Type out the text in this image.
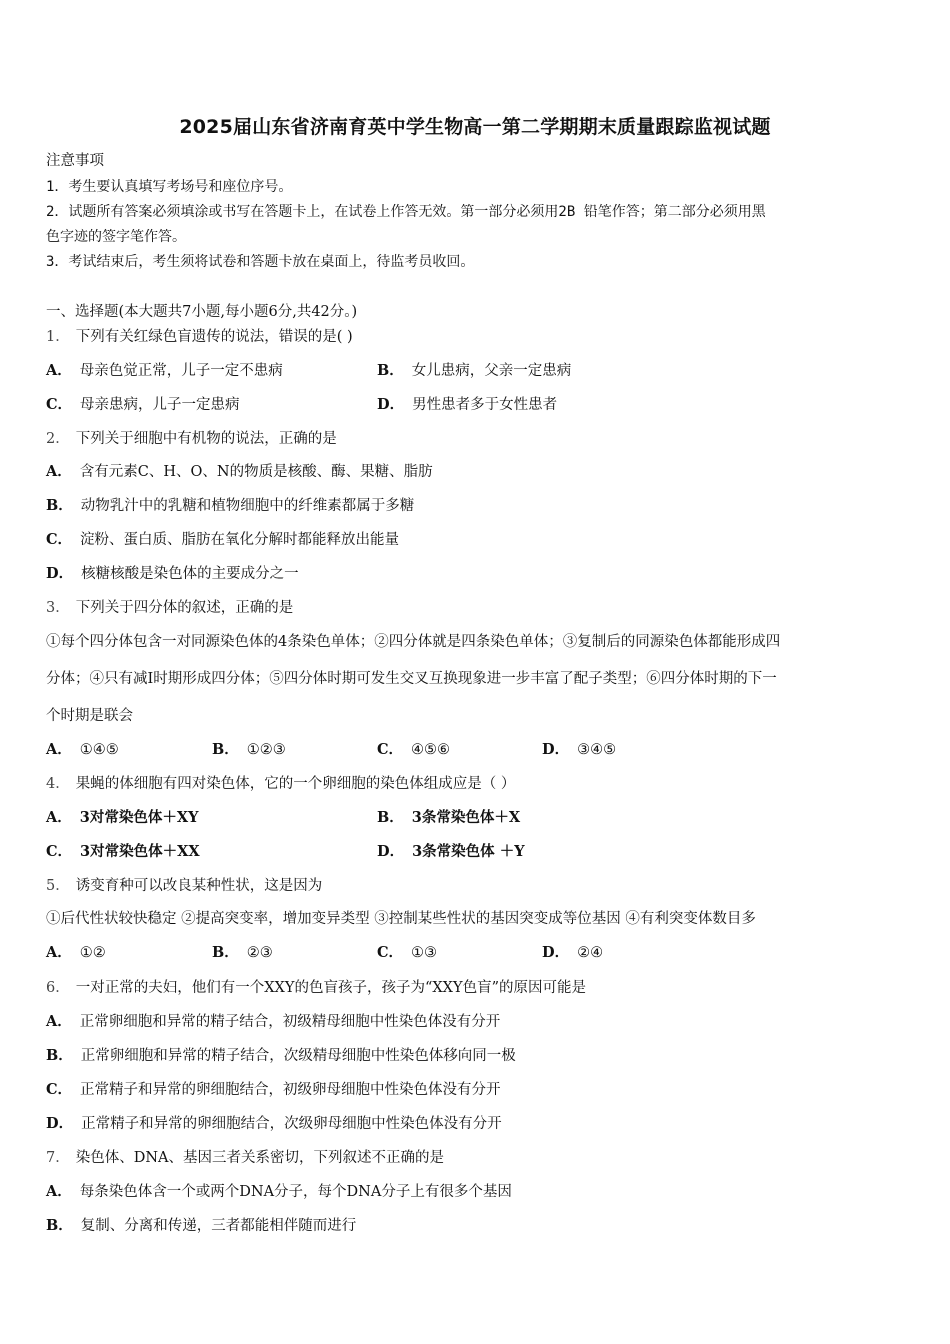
2025届山东省济南育英中学生物高一第二学期期末质量跟踪监视试题
注意事项
1．考生要认真填写考场号和座位序号。
2．试题所有答案必须填涂或书写在答题卡上，在试卷上作答无效。第一部分必须用2B 铅笔作答；第二部分必须用黑
色字迹的签字笔作答。
3．考试结束后，考生须将试卷和答题卡放在桌面上，待监考员收回。
一、选择题(本大题共7小题,每小题6分,共42分。)
1． 下列有关红绿色盲遗传的说法，错误的是( )
A． 母亲色觉正常，儿子一定不患病	B． 女儿患病，父亲一定患病
C． 母亲患病，儿子一定患病	D． 男性患者多于女性患者
2． 下列关于细胞中有机物的说法，正确的是
A． 含有元素C、H、O、N的物质是核酸、酶、果糖、脂肪
B． 动物乳汁中的乳糖和植物细胞中的纤维素都属于多糖
C． 淀粉、蛋白质、脂肪在氧化分解时都能释放出能量
D． 核糖核酸是染色体的主要成分之一
3． 下列关于四分体的叙述，正确的是
①每个四分体包含一对同源染色体的4条染色单体；②四分体就是四条染色单体；③复制后的同源染色体都能形成四
分体；④只有减Ⅰ时期形成四分体；⑤四分体时期可发生交叉互换现象进一步丰富了配子类型；⑥四分体时期的下一
个时期是联会
A． ①④⑤	B． ①②③	C． ④⑤⑥	D． ③④⑤
4． 果蝇的体细胞有四对染色体，它的一个卵细胞的染色体组成应是（ ）
A． 3对常染色体＋XY	B． 3条常染色体＋X
C． 3对常染色体＋XX	D． 3条常染色体 ＋Y
5． 诱变育种可以改良某种性状，这是因为
①后代性状较快稳定 ②提高突变率，增加变异类型 ③控制某些性状的基因突变成等位基因 ④有利突变体数目多
A． ①②	B． ②③	C． ①③	D． ②④
6． 一对正常的夫妇，他们有一个XXY的色盲孩子，孩子为“XXY色盲”的原因可能是
A． 正常卵细胞和异常的精子结合，初级精母细胞中性染色体没有分开
B． 正常卵细胞和异常的精子结合，次级精母细胞中性染色体移向同一极
C． 正常精子和异常的卵细胞结合，初级卵母细胞中性染色体没有分开
D． 正常精子和异常的卵细胞结合，次级卵母细胞中性染色体没有分开
7． 染色体、DNA、基因三者关系密切，下列叙述不正确的是
A． 每条染色体含一个或两个DNA分子，每个DNA分子上有很多个基因
B． 复制、分离和传递，三者都能相伴随而进行
